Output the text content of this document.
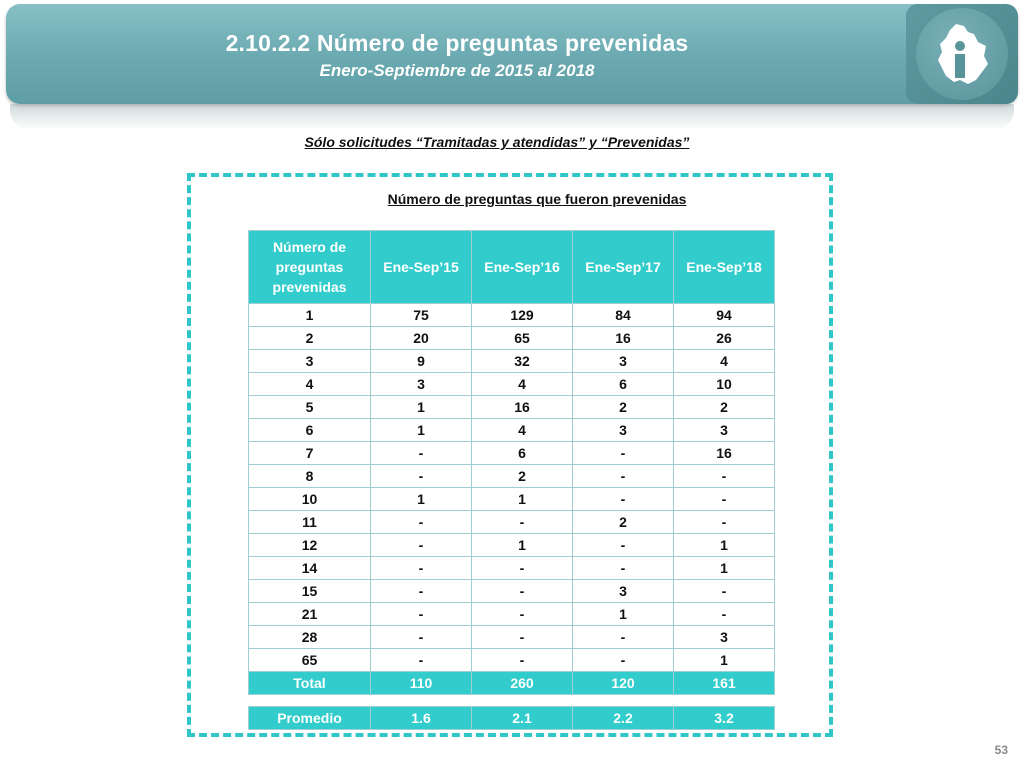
2.10.2.2 Número de preguntas prevenidas
Enero-Septiembre de 2015 al 2018
Sólo solicitudes “Tramitadas y atendidas” y “Prevenidas”
Número de preguntas que fueron prevenidas
Número de preguntas prevenidas	Ene-Sep’15	Ene-Sep’16	Ene-Sep’17	Ene-Sep’18
1	75	129	84	94
2	20	65	16	26
3	9	32	3	4
4	3	4	6	10
5	1	16	2	2
6	1	4	3	3
7	-	6	-	16
8	-	2	-	-
10	1	1	-	-
11	-	-	2	-
12	-	1	-	1
14	-	-	-	1
15	-	-	3	-
21	-	-	1	-
28	-	-	-	3
65	-	-	-	1
Total	110	260	120	161
Promedio	1.6	2.1	2.2	3.2
53
